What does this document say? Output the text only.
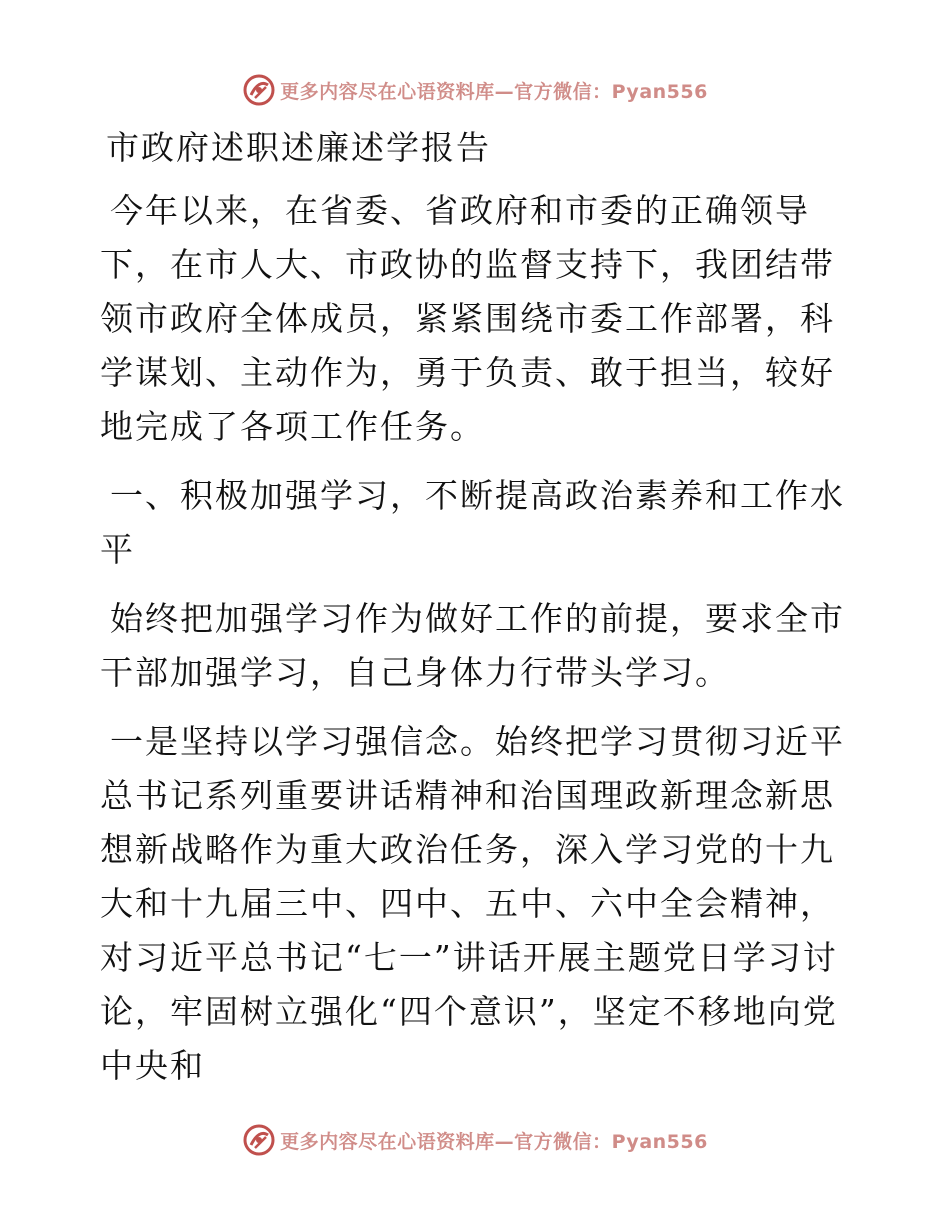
更多内容尽在心语资料库—官方微信：Pyan556
市政府述职述廉述学报告

今年以来，在省委、省政府和市委的正确领导下，在市人大、市政协的监督支持下，我团结带领市政府全体成员，紧紧围绕市委工作部署，科学谋划、主动作为，勇于负责、敢于担当，较好地完成了各项工作任务。

一、积极加强学习，不断提高政治素养和工作水平

始终把加强学习作为做好工作的前提，要求全市干部加强学习，自己身体力行带头学习。

一是坚持以学习强信念。始终把学习贯彻习近平总书记系列重要讲话精神和治国理政新理念新思想新战略作为重大政治任务，深入学习党的十九大和十九届三中、四中、五中、六中全会精神，对习近平总书记“七一”讲话开展主题党日学习讨论，牢固树立强化“四个意识”，坚定不移地向党中央和

更多内容尽在心语资料库—官方微信：Pyan556
